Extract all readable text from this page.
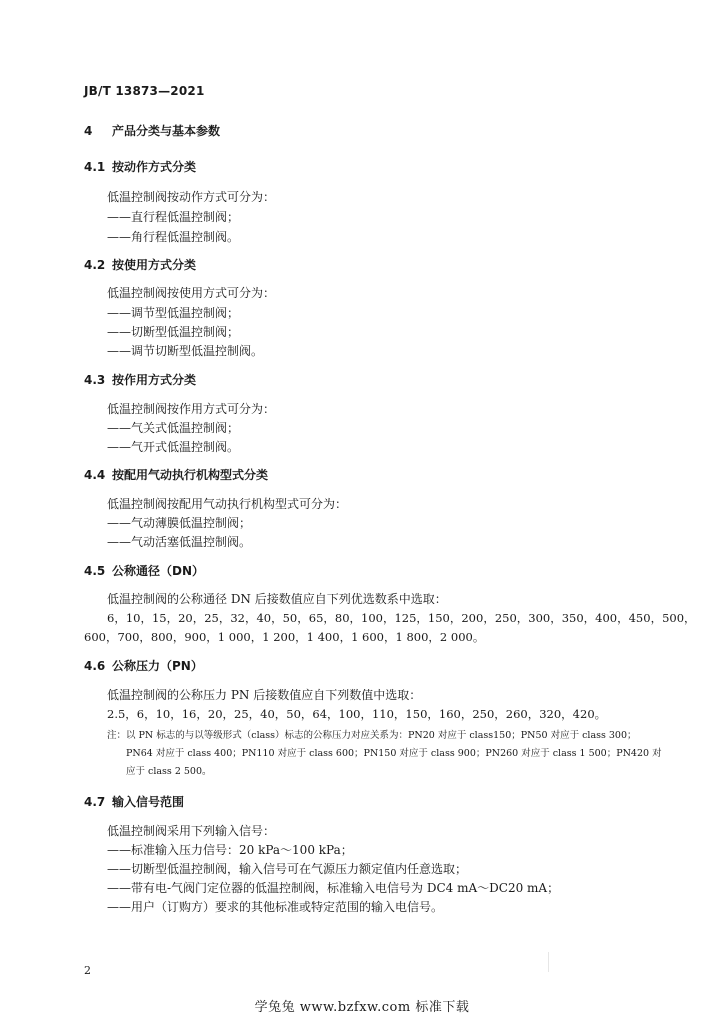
JB/T 13873—2021
4 产品分类与基本参数
4.1 按动作方式分类
低温控制阀按动作方式可分为：
——直行程低温控制阀；
——角行程低温控制阀。
4.2 按使用方式分类
低温控制阀按使用方式可分为：
——调节型低温控制阀；
——切断型低温控制阀；
——调节切断型低温控制阀。
4.3 按作用方式分类
低温控制阀按作用方式可分为：
——气关式低温控制阀；
——气开式低温控制阀。
4.4 按配用气动执行机构型式分类
低温控制阀按配用气动执行机构型式可分为：
——气动薄膜低温控制阀；
——气动活塞低温控制阀。
4.5 公称通径（DN）
低温控制阀的公称通径 DN 后接数值应自下列优选数系中选取：
6，10，15，20，25，32，40，50，65，80，100，125，150，200，250，300，350，400，450，500，
600，700，800，900，1 000，1 200，1 400，1 600，1 800，2 000。
4.6 公称压力（PN）
低温控制阀的公称压力 PN 后接数值应自下列数值中选取：
2.5，6，10，16，20，25，40，50，64，100，110，150，160，250，260，320，420。
注：以 PN 标志的与以等级形式（class）标志的公称压力对应关系为：PN20 对应于 class150；PN50 对应于 class 300；
PN64 对应于 class 400；PN110 对应于 class 600；PN150 对应于 class 900；PN260 对应于 class 1 500；PN420 对
应于 class 2 500。
4.7 输入信号范围
低温控制阀采用下列输入信号：
——标准输入压力信号：20 kPa～100 kPa；
——切断型低温控制阀，输入信号可在气源压力额定值内任意选取；
——带有电-气阀门定位器的低温控制阀，标准输入电信号为 DC4 mA～DC20 mA；
——用户（订购方）要求的其他标准或特定范围的输入电信号。
2
学兔兔 www.bzfxw.com 标准下载
